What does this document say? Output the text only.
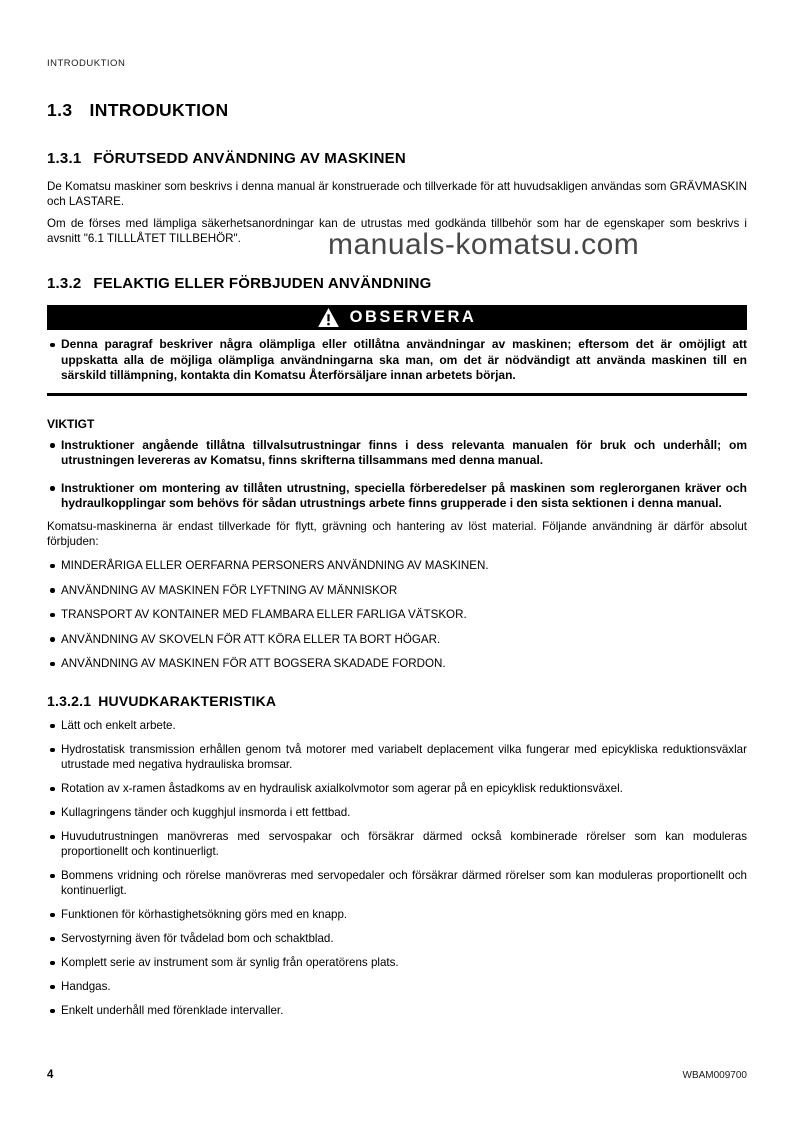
INTRODUKTION
1.3 INTRODUKTION
1.3.1 FÖRUTSEDD ANVÄNDNING AV MASKINEN

De Komatsu maskiner som beskrivs i denna manual är konstruerade och tillverkade för att huvudsakligen användas som GRÄVMASKIN och LASTARE.

Om de förses med lämpliga säkerhetsanordningar kan de utrustas med godkända tillbehör som har de egenskaper som beskrivs i avsnitt "6.1 TILLLÅTET TILLBEHÖR".

1.3.2 FELAKTIG ELLER FÖRBJUDEN ANVÄNDNING
OBSERVERA
Denna paragraf beskriver några olämpliga eller otillåtna användningar av maskinen; eftersom det är omöjligt att uppskatta alla de möjliga olämpliga användningarna ska man, om det är nödvändigt att använda maskinen till en särskild tillämpning, kontakta din Komatsu Återförsäljare innan arbetets början.
VIKTIGT
Instruktioner angående tillåtna tillvalsutrustningar finns i dess relevanta manualen för bruk och underhåll; om utrustningen levereras av Komatsu, finns skrifterna tillsammans med denna manual.
Instruktioner om montering av tillåten utrustning, speciella förberedelser på maskinen som reglerorganen kräver och hydraulkopplingar som behövs för sådan utrustnings arbete finns grupperade i den sista sektionen i denna manual.

Komatsu-maskinerna är endast tillverkade för flytt, grävning och hantering av löst material. Följande användning är därför absolut förbjuden:

MINDERÅRIGA ELLER OERFARNA PERSONERS ANVÄNDNING AV MASKINEN.
ANVÄNDNING AV MASKINEN FÖR LYFTNING AV MÄNNISKOR
TRANSPORT AV KONTAINER MED FLAMBARA ELLER FARLIGA VÄTSKOR.
ANVÄNDNING AV SKOVELN FÖR ATT KÖRA ELLER TA BORT HÖGAR.
ANVÄNDNING AV MASKINEN FÖR ATT BOGSERA SKADADE FORDON.
1.3.2.1 HUVUDKARAKTERISTIKA
Lätt och enkelt arbete.
Hydrostatisk transmission erhållen genom två motorer med variabelt deplacement vilka fungerar med epicykliska reduktionsväxlar utrustade med negativa hydrauliska bromsar.
Rotation av x-ramen åstadkoms av en hydraulisk axialkolvmotor som agerar på en epicyklisk reduktionsväxel.
Kullagringens tänder och kugghjul insmorda i ett fettbad.
Huvudutrustningen manövreras med servospakar och försäkrar därmed också kombinerade rörelser som kan moduleras proportionellt och kontinuerligt.
Bommens vridning och rörelse manövreras med servopedaler och försäkrar därmed rörelser som kan moduleras proportionellt och kontinuerligt.
Funktionen för körhastighetsökning görs med en knapp.
Servostyrning även för tvådelad bom och schaktblad.
Komplett serie av instrument som är synlig från operatörens plats.
Handgas.
Enkelt underhåll med förenklade intervaller.
manuals-komatsu.com
4	WBAM009700
